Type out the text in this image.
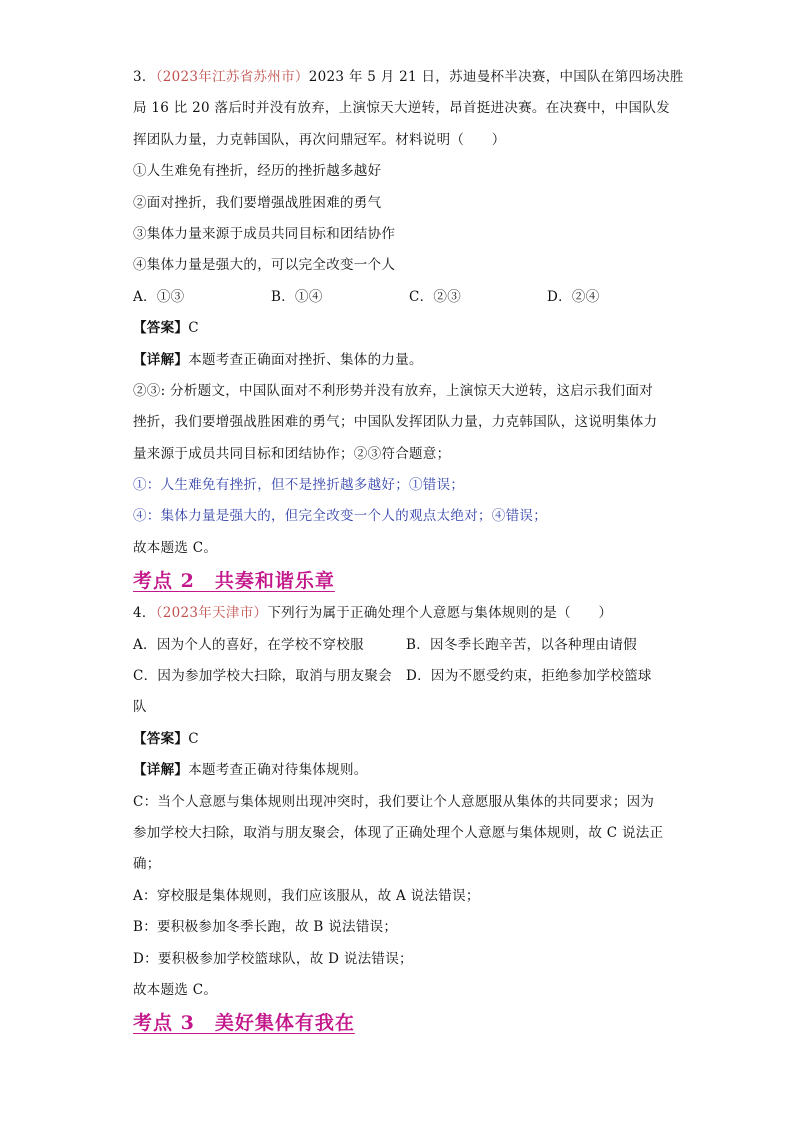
3．（2023年江苏省苏州市）2023 年 5 月 21 日，苏迪曼杯半决赛，中国队在第四场决胜
局 16 比 20 落后时并没有放弃，上演惊天大逆转，昂首挺进决赛。在决赛中，中国队发
挥团队力量，力克韩国队，再次问鼎冠军。材料说明（　　）
①人生难免有挫折，经历的挫折越多越好
②面对挫折，我们要增强战胜困难的勇气
③集体力量来源于成员共同目标和团结协作
④集体力量是强大的，可以完全改变一个人
A．①③	B．①④	C．②③	D．②④
【答案】C
【详解】本题考查正确面对挫折、集体的力量。
②③: 分析题文，中国队面对不利形势并没有放弃，上演惊天大逆转，这启示我们面对
挫折，我们要增强战胜困难的勇气；中国队发挥团队力量，力克韩国队，这说明集体力
量来源于成员共同目标和团结协作；②③符合题意；
①：人生难免有挫折，但不是挫折越多越好；①错误；
④：集体力量是强大的，但完全改变一个人的观点太绝对；④错误；
故本题选 C。
考点 2　共奏和谐乐章
4．（2023年天津市）下列行为属于正确处理个人意愿与集体规则的是（　　）
A．因为个人的喜好，在学校不穿校服	B．因冬季长跑辛苦，以各种理由请假
C．因为参加学校大扫除，取消与朋友聚会 D．因为不愿受约束，拒绝参加学校篮球
队
【答案】C
【详解】本题考查正确对待集体规则。
C：当个人意愿与集体规则出现冲突时，我们要让个人意愿服从集体的共同要求；因为
参加学校大扫除，取消与朋友聚会，体现了正确处理个人意愿与集体规则，故 C 说法正
确；
A：穿校服是集体规则，我们应该服从，故 A 说法错误；
B：要积极参加冬季长跑，故 B 说法错误；
D：要积极参加学校篮球队，故 D 说法错误；
故本题选 C。
考点 3　美好集体有我在
